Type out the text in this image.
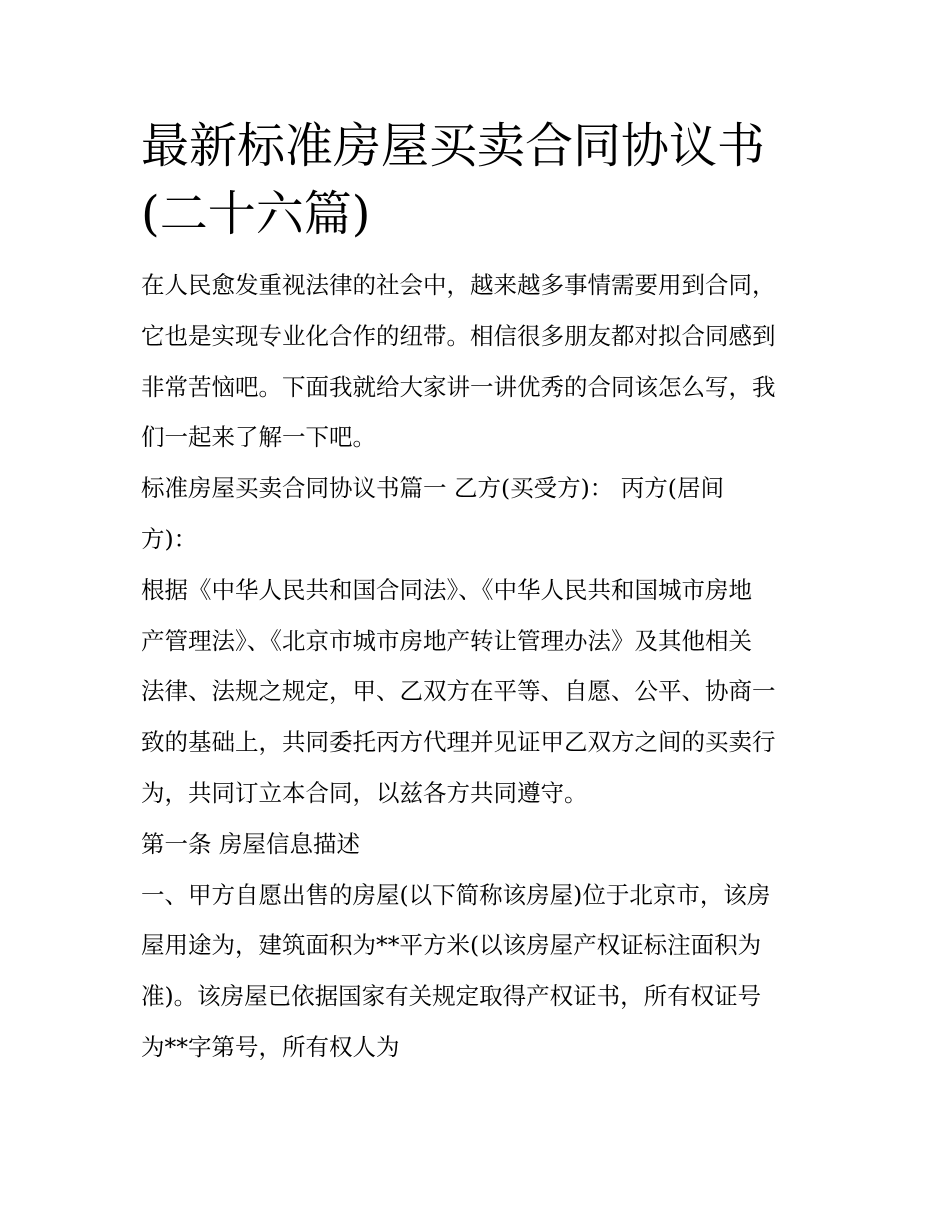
最新标准房屋买卖合同协议书
(二十六篇)
在人民愈发重视法律的社会中，越来越多事情需要用到合同，
它也是实现专业化合作的纽带。相信很多朋友都对拟合同感到
非常苦恼吧。下面我就给大家讲一讲优秀的合同该怎么写，我
们一起来了解一下吧。
标准房屋买卖合同协议书篇一 乙方(买受方)： 丙方(居间
方)：
根据《中华人民共和国合同法》、《中华人民共和国城市房地
产管理法》、《北京市城市房地产转让管理办法》及其他相关
法律、法规之规定，甲、乙双方在平等、自愿、公平、协商一
致的基础上，共同委托丙方代理并见证甲乙双方之间的买卖行
为，共同订立本合同，以兹各方共同遵守。
第一条 房屋信息描述
一、甲方自愿出售的房屋(以下简称该房屋)位于北京市，该房
屋用途为，建筑面积为**平方米(以该房屋产权证标注面积为
准)。该房屋已依据国家有关规定取得产权证书，所有权证号
为**字第号，所有权人为
